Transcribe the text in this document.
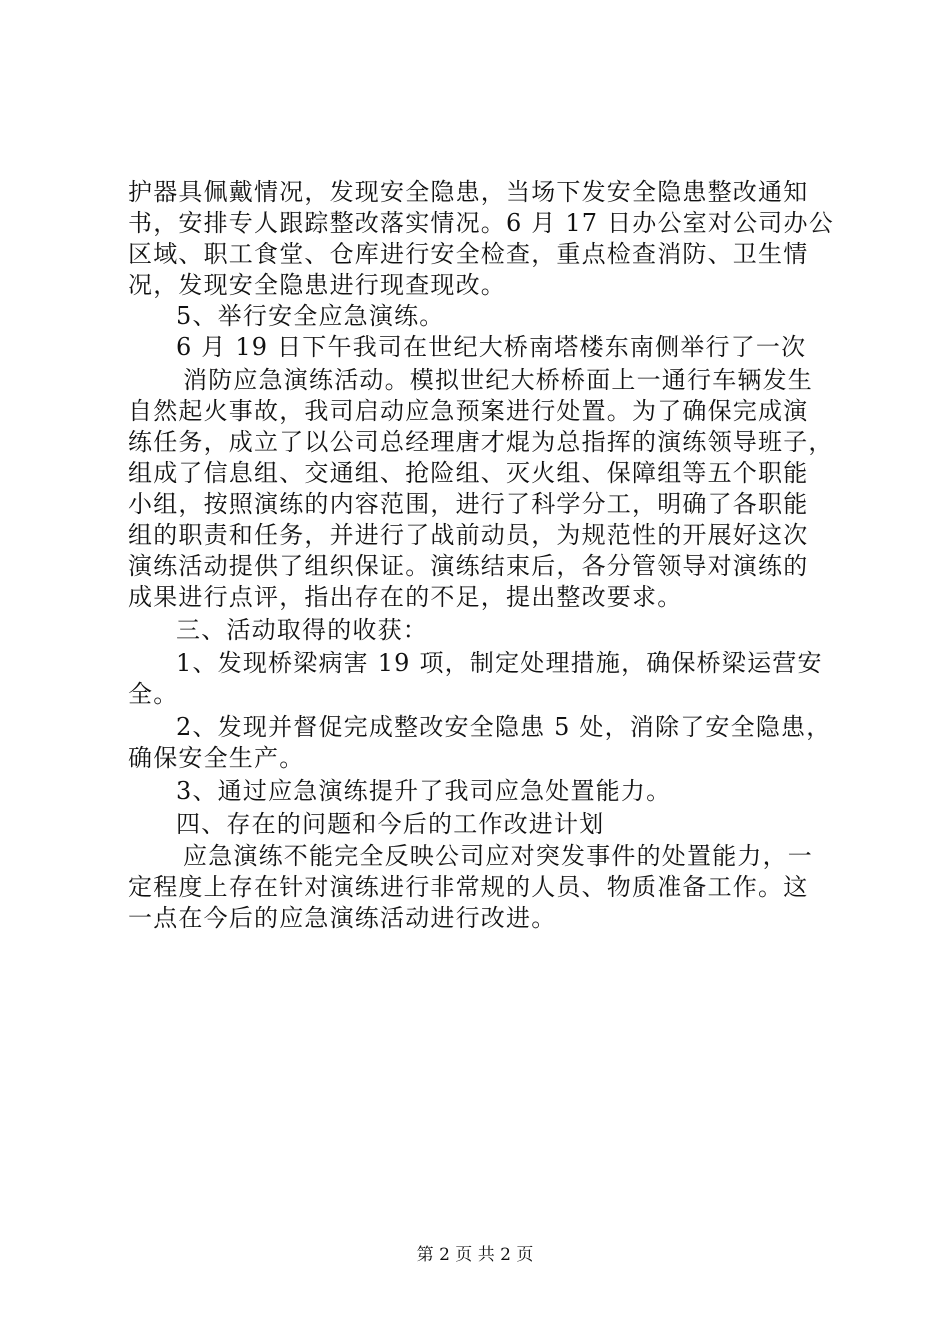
护器具佩戴情况，发现安全隐患，当场下发安全隐患整改通知
书，安排专人跟踪整改落实情况。6 月 17 日办公室对公司办公
区域、职工食堂、仓库进行安全检查，重点检查消防、卫生情
况，发现安全隐患进行现查现改。
5、举行安全应急演练。
6 月 19 日下午我司在世纪大桥南塔楼东南侧举行了一次
消防应急演练活动。模拟世纪大桥桥面上一通行车辆发生
自然起火事故，我司启动应急预案进行处置。为了确保完成演
练任务，成立了以公司总经理唐才焜为总指挥的演练领导班子，
组成了信息组、交通组、抢险组、灭火组、保障组等五个职能
小组，按照演练的内容范围，进行了科学分工，明确了各职能
组的职责和任务，并进行了战前动员，为规范性的开展好这次
演练活动提供了组织保证。演练结束后，各分管领导对演练的
成果进行点评，指出存在的不足，提出整改要求。
三、活动取得的收获：
1、发现桥梁病害 19 项，制定处理措施，确保桥梁运营安
全。
2、发现并督促完成整改安全隐患 5 处，消除了安全隐患，
确保安全生产。
3、通过应急演练提升了我司应急处置能力。
四、存在的问题和今后的工作改进计划
应急演练不能完全反映公司应对突发事件的处置能力，一
定程度上存在针对演练进行非常规的人员、物质准备工作。这
一点在今后的应急演练活动进行改进。
第 2 页 共 2 页
